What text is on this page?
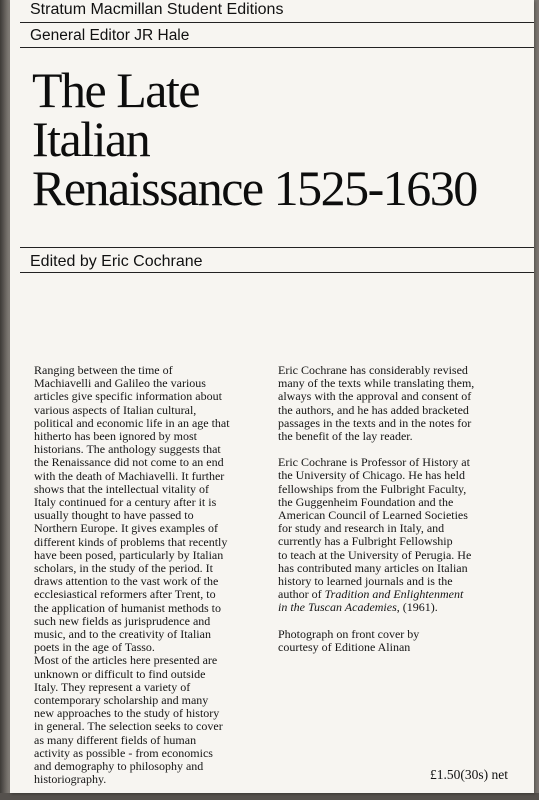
Stratum Macmillan Student Editions
General Editor JR Hale
The Late
Italian
Renaissance 1525-1630
Edited by Eric Cochrane
Ranging between the time of
Machiavelli and Galileo the various
articles give specific information about
various aspects of Italian cultural,
political and economic life in an age that
hitherto has been ignored by most
historians. The anthology suggests that
the Renaissance did not come to an end
with the death of Machiavelli. It further
shows that the intellectual vitality of
Italy continued for a century after it is
usually thought to have passed to
Northern Europe. It gives examples of
different kinds of problems that recently
have been posed, particularly by Italian
scholars, in the study of the period. It
draws attention to the vast work of the
ecclesiastical reformers after Trent, to
the application of humanist methods to
such new fields as jurisprudence and
music, and to the creativity of Italian
poets in the age of Tasso.
Most of the articles here presented are
unknown or difficult to find outside
Italy. They represent a variety of
contemporary scholarship and many
new approaches to the study of history
in general. The selection seeks to cover
as many different fields of human
activity as possible - from economics
and demography to philosophy and
historiography.
Eric Cochrane has considerably revised
many of the texts while translating them,
always with the approval and consent of
the authors, and he has added bracketed
passages in the texts and in the notes for
the benefit of the lay reader.
Eric Cochrane is Professor of History at
the University of Chicago. He has held
fellowships from the Fulbright Faculty,
the Guggenheim Foundation and the
American Council of Learned Societies
for study and research in Italy, and
currently has a Fulbright Fellowship
to teach at the University of Perugia. He
has contributed many articles on Italian
history to learned journals and is the
author of Tradition and Enlightenment
in the Tuscan Academies, (1961).
Photograph on front cover by
courtesy of Editione Alinan
£1.50(30s) net
